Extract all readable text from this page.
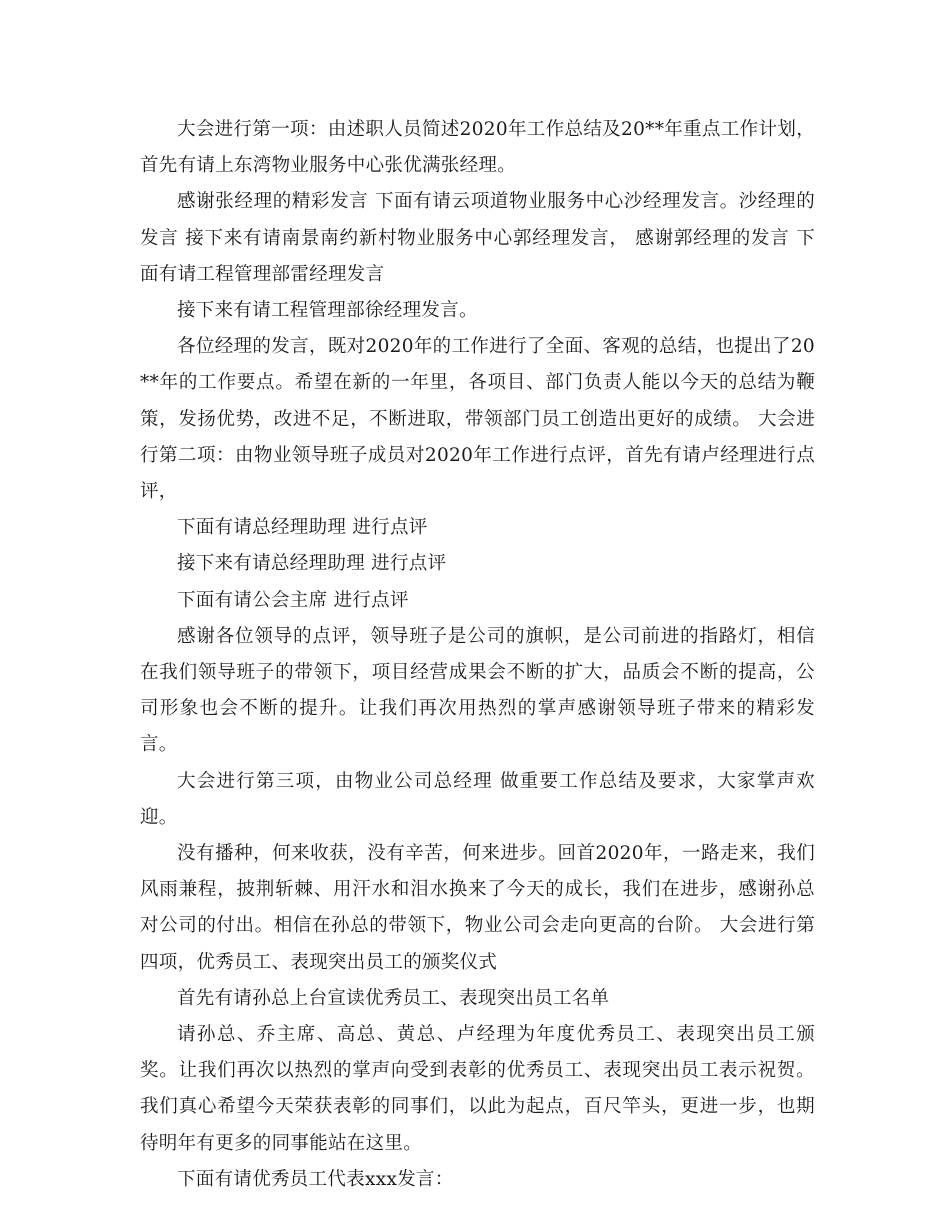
大会进行第一项：由述职人员简述2020年工作总结及20**年重点工作计划，首先有请上东湾物业服务中心张优满张经理。

感谢张经理的精彩发言 下面有请云项道物业服务中心沙经理发言。沙经理的发言 接下来有请南景南约新村物业服务中心郭经理发言， 感谢郭经理的发言 下面有请工程管理部雷经理发言

接下来有请工程管理部徐经理发言。

各位经理的发言，既对2020年的工作进行了全面、客观的总结，也提出了20**年的工作要点。希望在新的一年里，各项目、部门负责人能以今天的总结为鞭策，发扬优势，改进不足，不断进取，带领部门员工创造出更好的成绩。 大会进行第二项：由物业领导班子成员对2020年工作进行点评，首先有请卢经理进行点评，

下面有请总经理助理 进行点评

接下来有请总经理助理 进行点评

下面有请公会主席 进行点评

感谢各位领导的点评，领导班子是公司的旗帜，是公司前进的指路灯，相信在我们领导班子的带领下，项目经营成果会不断的扩大，品质会不断的提高，公司形象也会不断的提升。让我们再次用热烈的掌声感谢领导班子带来的精彩发言。

大会进行第三项，由物业公司总经理 做重要工作总结及要求，大家掌声欢迎。

没有播种，何来收获，没有辛苦，何来进步。回首2020年，一路走来，我们风雨兼程，披荆斩棘、用汗水和泪水换来了今天的成长，我们在进步，感谢孙总对公司的付出。相信在孙总的带领下，物业公司会走向更高的台阶。 大会进行第四项，优秀员工、表现突出员工的颁奖仪式

首先有请孙总上台宣读优秀员工、表现突出员工名单

请孙总、乔主席、高总、黄总、卢经理为年度优秀员工、表现突出员工颁奖。让我们再次以热烈的掌声向受到表彰的优秀员工、表现突出员工表示祝贺。我们真心希望今天荣获表彰的同事们，以此为起点，百尺竿头，更进一步，也期待明年有更多的同事能站在这里。

下面有请优秀员工代表xxx发言：
